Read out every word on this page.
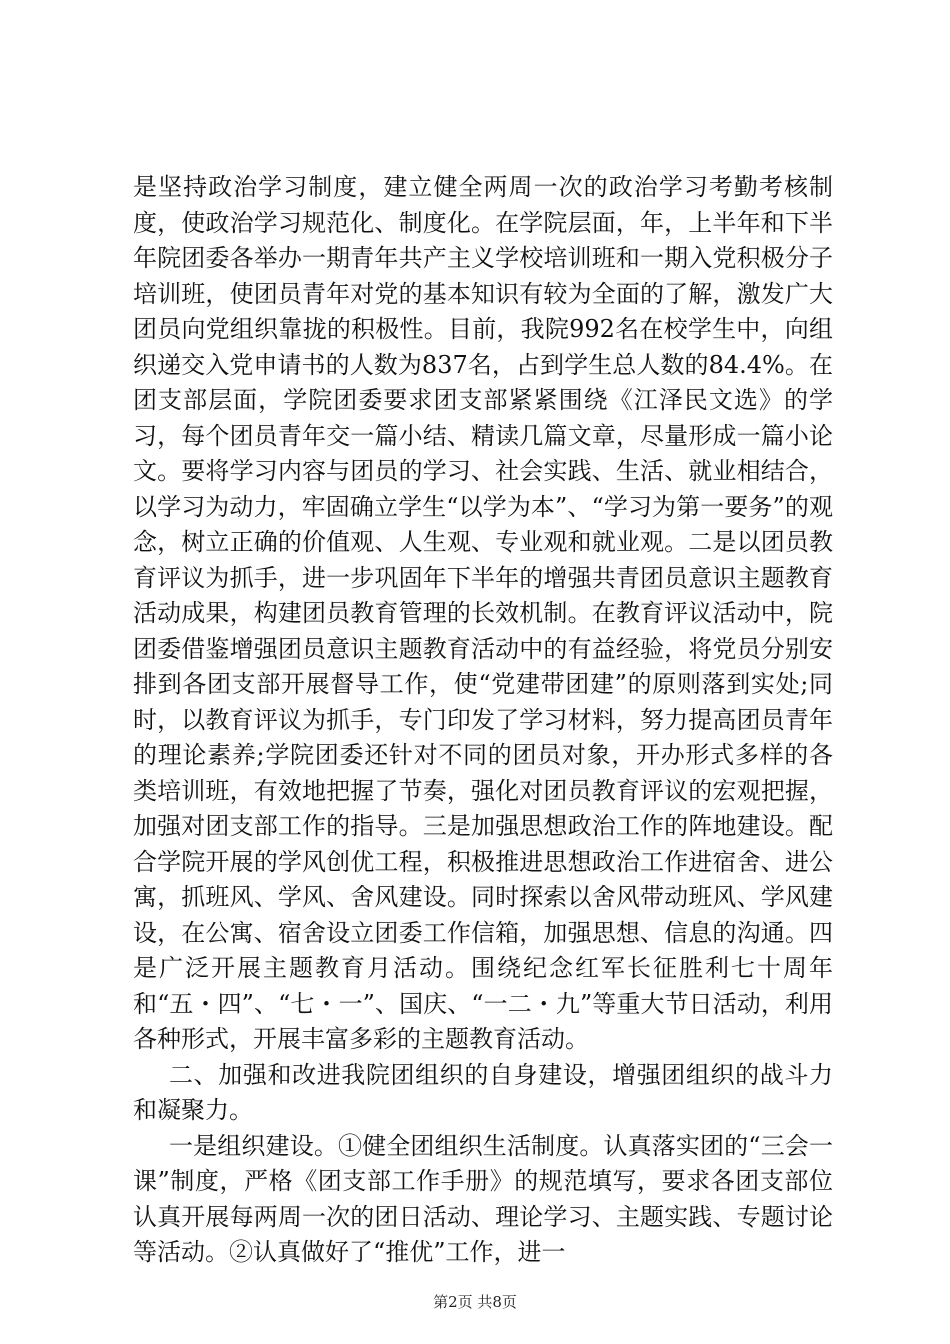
是坚持政治学习制度，建立健全两周一次的政治学习考勤考核制度，使政治学习规范化、制度化。在学院层面，年，上半年和下半年院团委各举办一期青年共产主义学校培训班和一期入党积极分子培训班，使团员青年对党的基本知识有较为全面的了解，激发广大团员向党组织靠拢的积极性。目前，我院992名在校学生中，向组织递交入党申请书的人数为837名，占到学生总人数的84.4%。在团支部层面，学院团委要求团支部紧紧围绕《江泽民文选》的学习，每个团员青年交一篇小结、精读几篇文章，尽量形成一篇小论文。要将学习内容与团员的学习、社会实践、生活、就业相结合，以学习为动力，牢固确立学生“以学为本”、“学习为第一要务”的观念，树立正确的价值观、人生观、专业观和就业观。二是以团员教育评议为抓手，进一步巩固年下半年的增强共青团员意识主题教育活动成果，构建团员教育管理的长效机制。在教育评议活动中，院团委借鉴增强团员意识主题教育活动中的有益经验，将党员分别安排到各团支部开展督导工作，使“党建带团建”的原则落到实处;同时，以教育评议为抓手，专门印发了学习材料，努力提高团员青年的理论素养;学院团委还针对不同的团员对象，开办形式多样的各类培训班，有效地把握了节奏，强化对团员教育评议的宏观把握，加强对团支部工作的指导。三是加强思想政治工作的阵地建设。配合学院开展的学风创优工程，积极推进思想政治工作进宿舍、进公寓，抓班风、学风、舍风建设。同时探索以舍风带动班风、学风建设，在公寓、宿舍设立团委工作信箱，加强思想、信息的沟通。四是广泛开展主题教育月活动。围绕纪念红军长征胜利七十周年和“五・四”、“七・一”、国庆、“一二・九”等重大节日活动，利用各种形式，开展丰富多彩的主题教育活动。

二、加强和改进我院团组织的自身建设，增强团组织的战斗力和凝聚力。

一是组织建设。①健全团组织生活制度。认真落实团的“三会一课”制度，严格《团支部工作手册》的规范填写，要求各团支部位认真开展每两周一次的团日活动、理论学习、主题实践、专题讨论等活动。②认真做好了“推优”工作，进一

第2页 共8页
